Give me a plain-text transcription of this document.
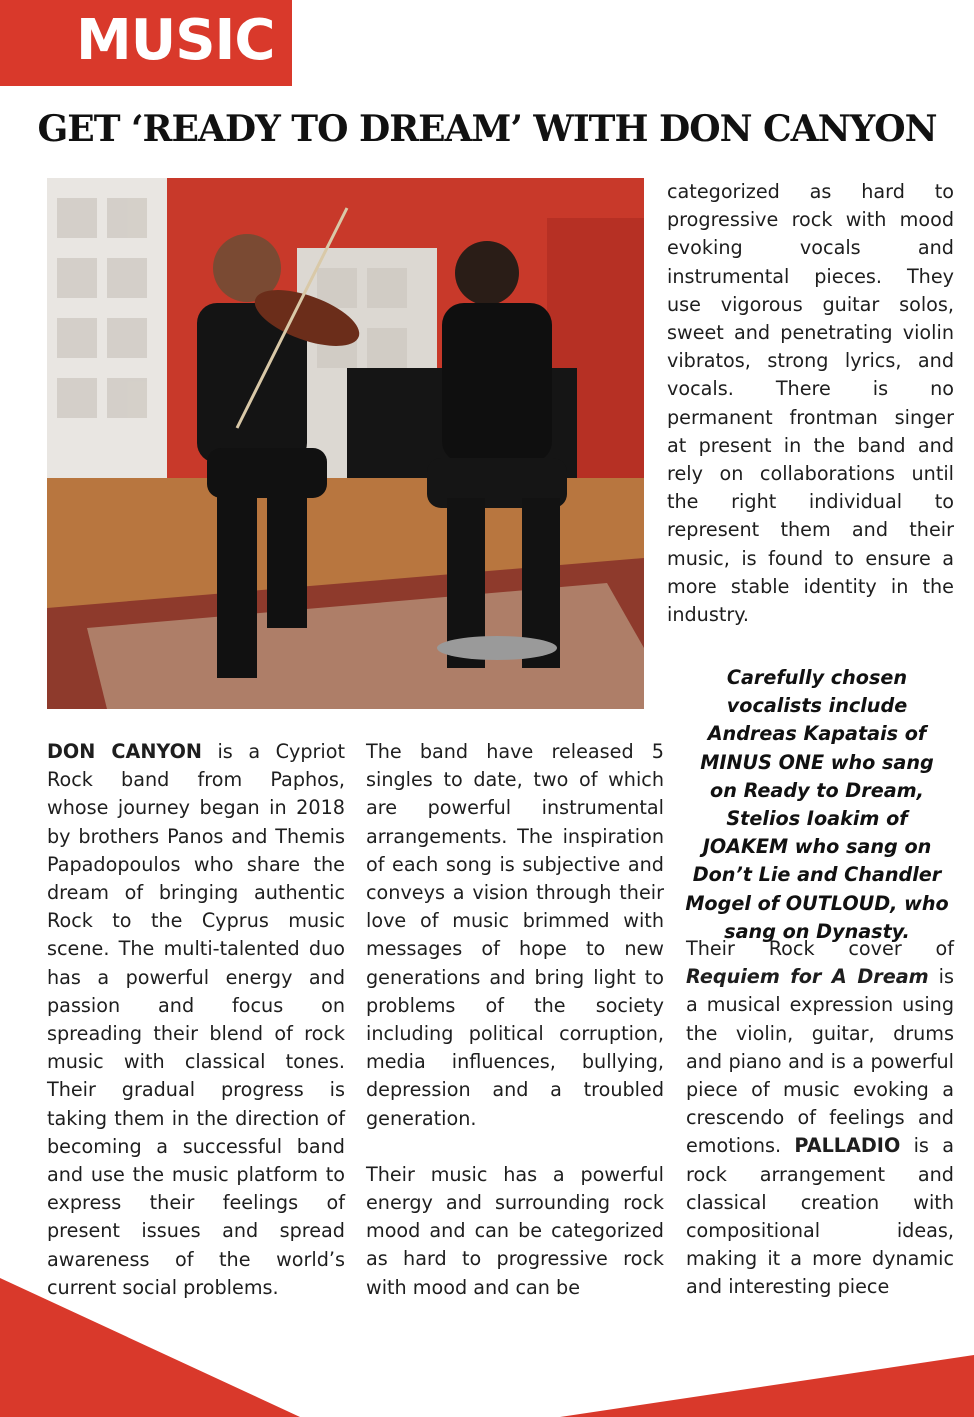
MUSIC
GET ‘READY TO DREAM’ WITH DON CANYON

DON CANYON is a Cypriot Rock band from Paphos, whose journey began in 2018 by brothers Panos and Themis Papadopoulos who share the dream of bringing authentic Rock to the Cyprus music scene. The multi-talented duo has a powerful energy and passion and focus on spreading their blend of rock music with classical tones. Their gradual progress is taking them in the direction of becoming a successful band and use the music platform to express their feelings of present issues and spread awareness of the world’s current social problems.

The band have released 5 singles to date, two of which are powerful instrumental arrangements. The inspiration of each song is subjective and conveys a vision through their love of music brimmed with messages of hope to new generations and bring light to problems of the society including political corruption, media influences, bullying, depression and a troubled generation.

Their music has a powerful energy and surrounding rock mood and can be categorized as hard to progressive rock with mood and can be

categorized as hard to progressive rock with mood evoking vocals and instrumental pieces. They use vigorous guitar solos, sweet and penetrating violin vibratos, strong lyrics, and vocals. There is no permanent frontman singer at present in the band and rely on collaborations until the right individual to represent them and their music, is found to ensure a more stable identity in the industry.

Carefully chosen vocalists include Andreas Kapatais of MINUS ONE who sang on Ready to Dream, Stelios Ioakim of JOAKEM who sang on Don’t Lie and Chandler Mogel of OUTLOUD, who sang on Dynasty.

Their Rock cover of Requiem for A Dream is a musical expression using the violin, guitar, drums and piano and is a powerful piece of music evoking a crescendo of feelings and emotions. PALLADIO is a rock arrangement and classical creation with compositional ideas, making it a more dynamic and interesting piece
